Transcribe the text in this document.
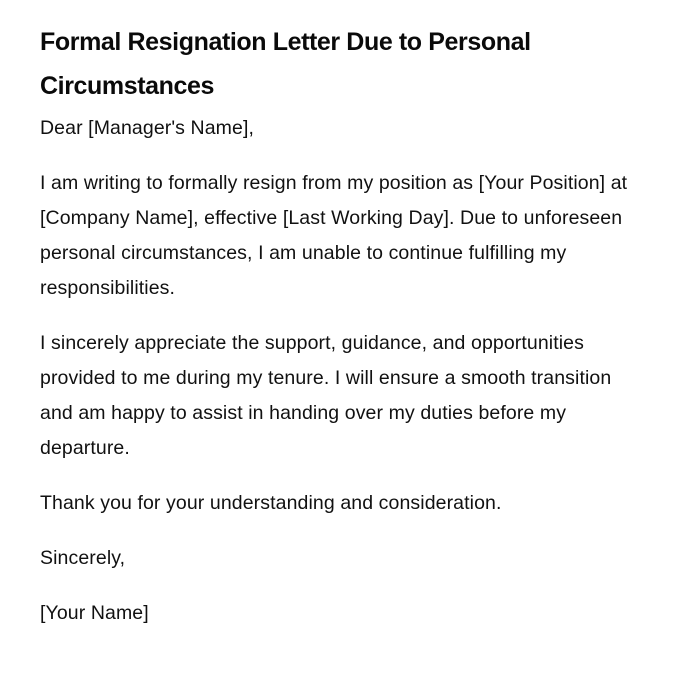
Formal Resignation Letter Due to Personal Circumstances

Dear [Manager's Name],

I am writing to formally resign from my position as [Your Position] at [Company Name], effective [Last Working Day]. Due to unforeseen personal circumstances, I am unable to continue fulfilling my responsibilities.

I sincerely appreciate the support, guidance, and opportunities provided to me during my tenure. I will ensure a smooth transition and am happy to assist in handing over my duties before my departure.

Thank you for your understanding and consideration.

Sincerely,

[Your Name]
